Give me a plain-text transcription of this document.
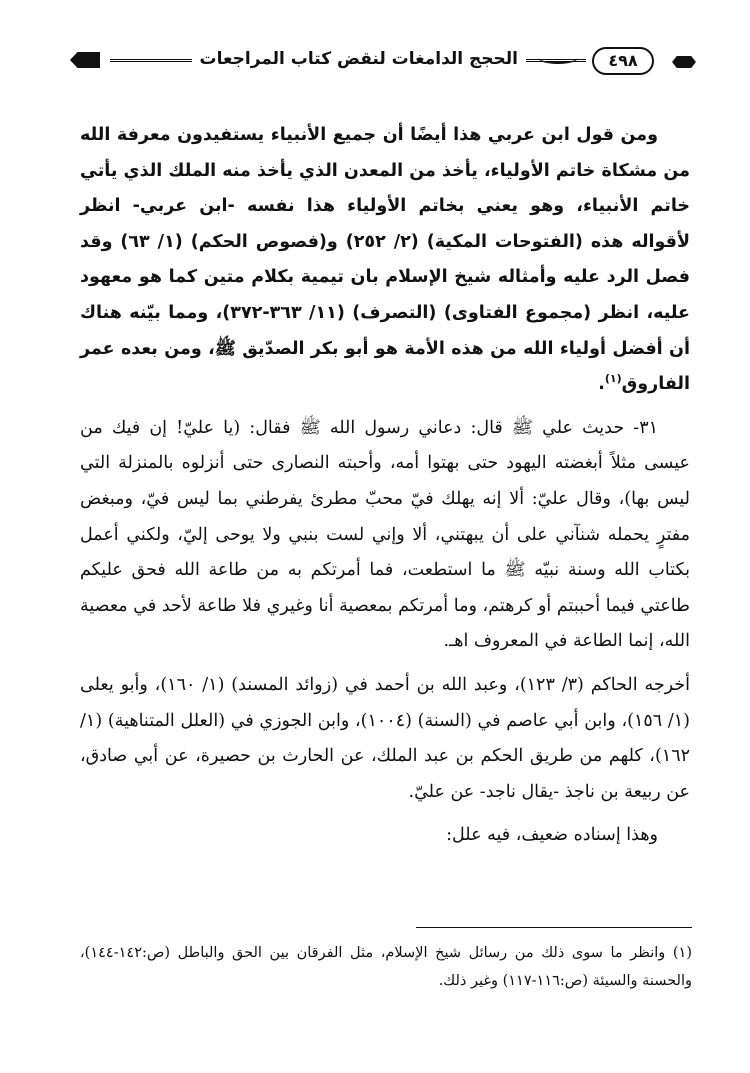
٤٩٨
الحجج الدامغات لنقض كتاب المراجعات

ومن قول ابن عربي هذا أيضًا أن جميع الأنبياء يستفيدون معرفة الله من مشكاة خاتم الأولياء، يأخذ من المعدن الذي يأخذ منه الملك الذي يأتي خاتم الأنبياء، وهو يعني بخاتم الأولياء هذا نفسه -ابن عربي- انظر لأقواله هذه (الفتوحات المكية) (٢/ ٢٥٢) و(فصوص الحكم) (١/ ٦٣) وقد فصل الرد عليه وأمثاله شيخ الإسلام بان تيمية بكلام متين كما هو معهود عليه، انظر (مجموع الفتاوى) (التصرف) (١١/ ٣٦٣-٣٧٢)، ومما بيّنه هناك أن أفضل أولياء الله من هذه الأمة هو أبو بكر الصدّيق ﷺ، ومن بعده عمر الفاروق$^{(١)}$.

٣١- حديث علي ﷺ قال: دعاني رسول الله ﷺ فقال: (يا عليّ! إن فيك من عيسى مثلاً أبغضته اليهود حتى بهتوا أمه، وأحبته النصارى حتى أنزلوه بالمنزلة التي ليس بها)، وقال عليّ: ألا إنه يهلك فيّ محبّ مطرئ يفرطني بما ليس فيّ، ومبغض مفترٍ يحمله شنآني على أن يبهتني، ألا وإني لست بنبي ولا يوحى إليّ، ولكني أعمل بكتاب الله وسنة نبيّه ﷺ ما استطعت، فما أمرتكم به من طاعة الله فحق عليكم طاعتي فيما أحببتم أو كرهتم، وما أمرتكم بمعصية أنا وغيري فلا طاعة لأحد في معصية الله، إنما الطاعة في المعروف اهـ.

أخرجه الحاكم (٣/ ١٢٣)، وعبد الله بن أحمد في (زوائد المسند) (١/ ١٦٠)، وأبو يعلى (١/ ١٥٦)، وابن أبي عاصم في (السنة) (١٠٠٤)، وابن الجوزي في (العلل المتناهية) (١/ ١٦٢)، كلهم من طريق الحكم بن عبد الملك، عن الحارث بن حصيرة، عن أبي صادق، عن ربيعة بن ناجذ -يقال ناجد- عن عليّ.

وهذا إسناده ضعيف، فيه علل:

(١) وانظر ما سوى ذلك من رسائل شيخ الإسلام، مثل الفرقان بين الحق والباطل (ص:١٤٢-١٤٤)، والحسنة والسيئة (ص:١١٦-١١٧) وغير ذلك.
